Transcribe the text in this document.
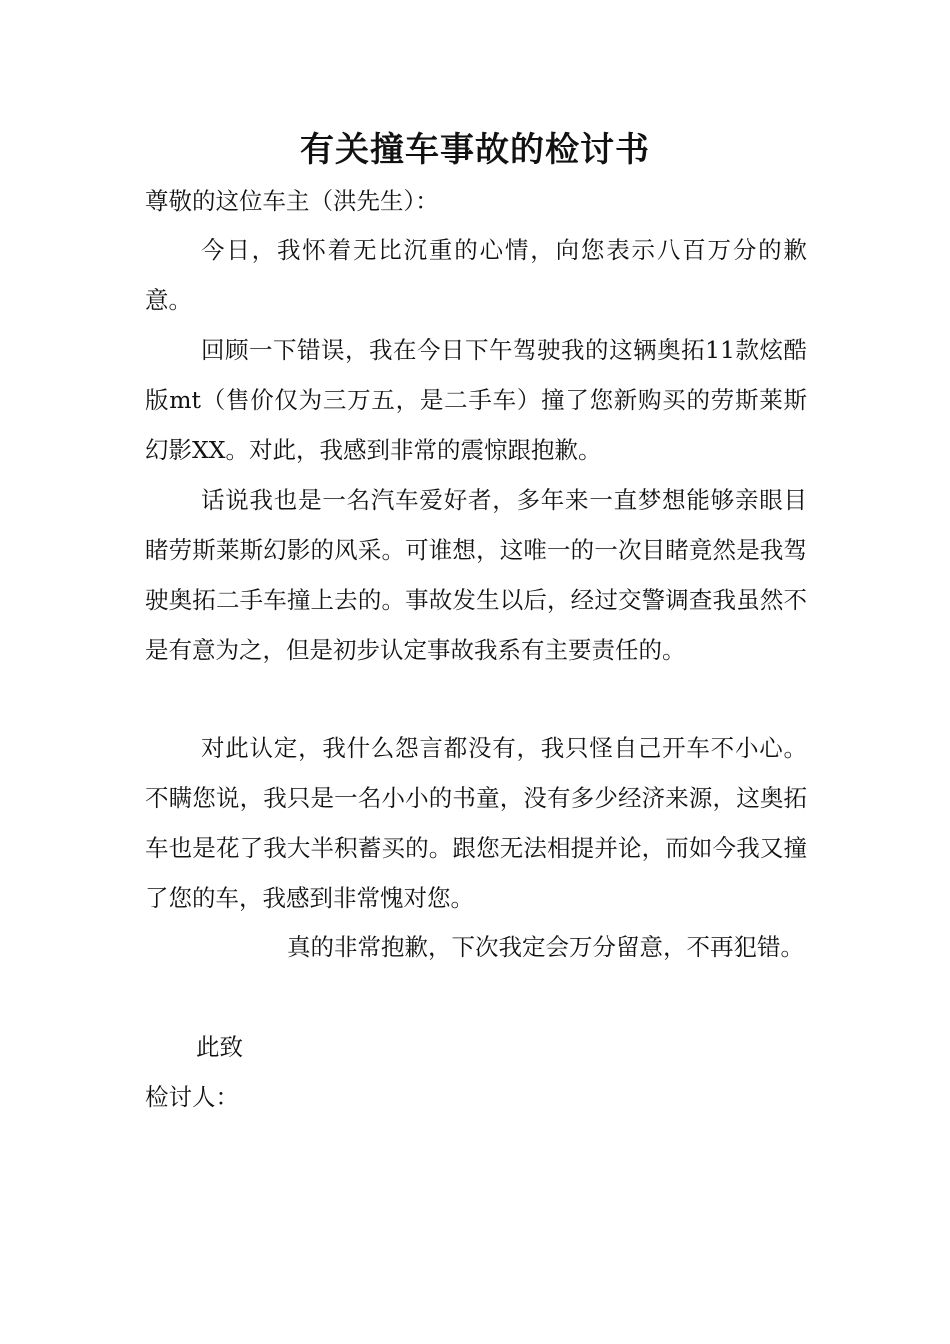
有关撞车事故的检讨书

尊敬的这位车主（洪先生）：

今日，我怀着无比沉重的心情，向您表示八百万分的歉意。

回顾一下错误，我在今日下午驾驶我的这辆奥拓11款炫酷版mt（售价仅为三万五，是二手车）撞了您新购买的劳斯莱斯幻影XX。对此，我感到非常的震惊跟抱歉。

话说我也是一名汽车爱好者，多年来一直梦想能够亲眼目睹劳斯莱斯幻影的风采。可谁想，这唯一的一次目睹竟然是我驾驶奥拓二手车撞上去的。事故发生以后，经过交警调查我虽然不是有意为之，但是初步认定事故我系有主要责任的。

对此认定，我什么怨言都没有，我只怪自己开车不小心。不瞒您说，我只是一名小小的书童，没有多少经济来源，这奥拓车也是花了我大半积蓄买的。跟您无法相提并论，而如今我又撞了您的车，我感到非常愧对您。

真的非常抱歉，下次我定会万分留意，不再犯错。

此致

检讨人：
